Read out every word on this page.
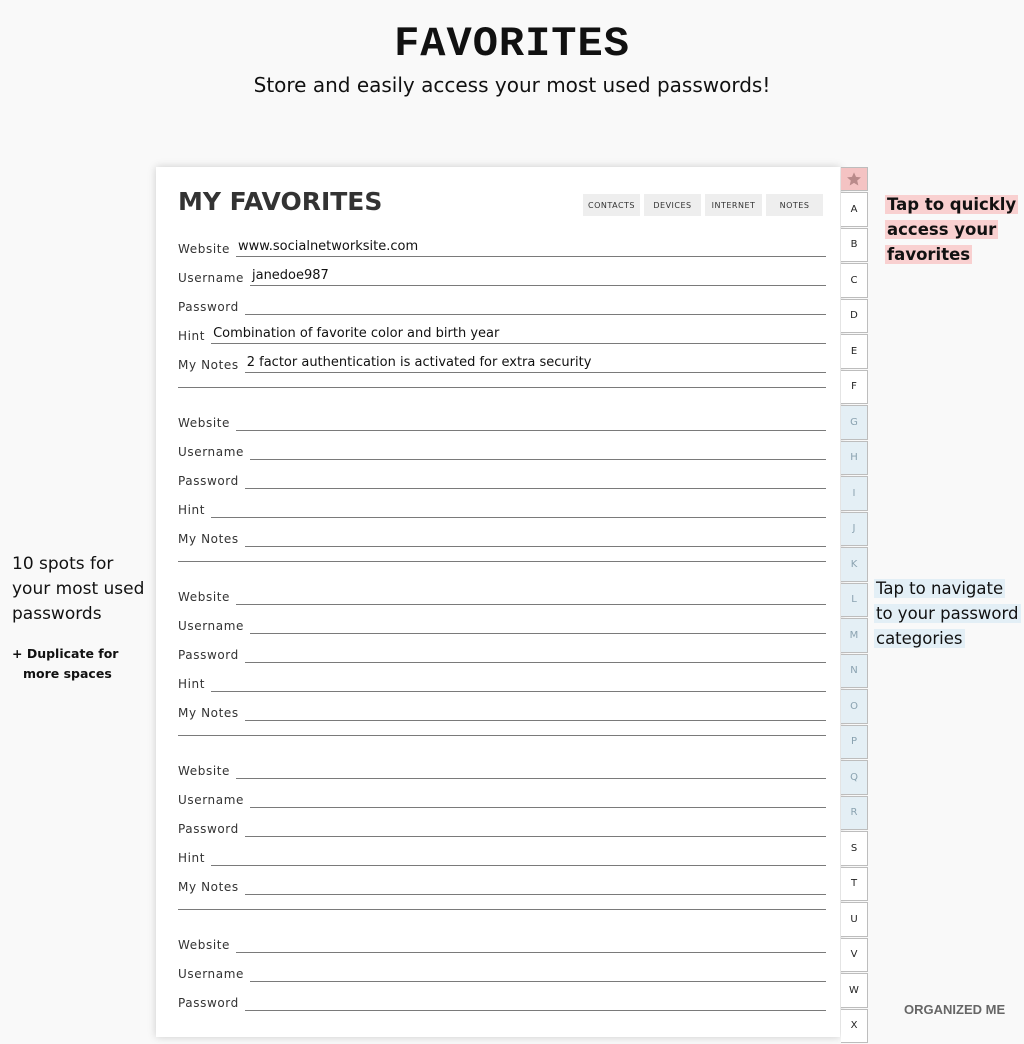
FAVORITES

Store and easily access your most used passwords!

MY FAVORITES	CONTACTS	DEVICES	INTERNET	NOTES
Website www.socialnetworksite.com
Username janedoe987
Password
Hint Combination of favorite color and birth year
My Notes 2 factor authentication is activated for extra security
Website
Username
Password
Hint
My Notes
Website
Username
Password
Hint
My Notes
Website
Username
Password
Hint
My Notes
Website
Username
Password
A
B
C
D
E
F
G
H
I
J
K
L
M
N
O
P
Q
R
S
T
U
V
W
X
10 spots for
your most used
passwords
+ Duplicate for
more spaces
Tap to quickly
access your
favorites
Tap to navigate
to your password
categories
ORGANIZED ME
